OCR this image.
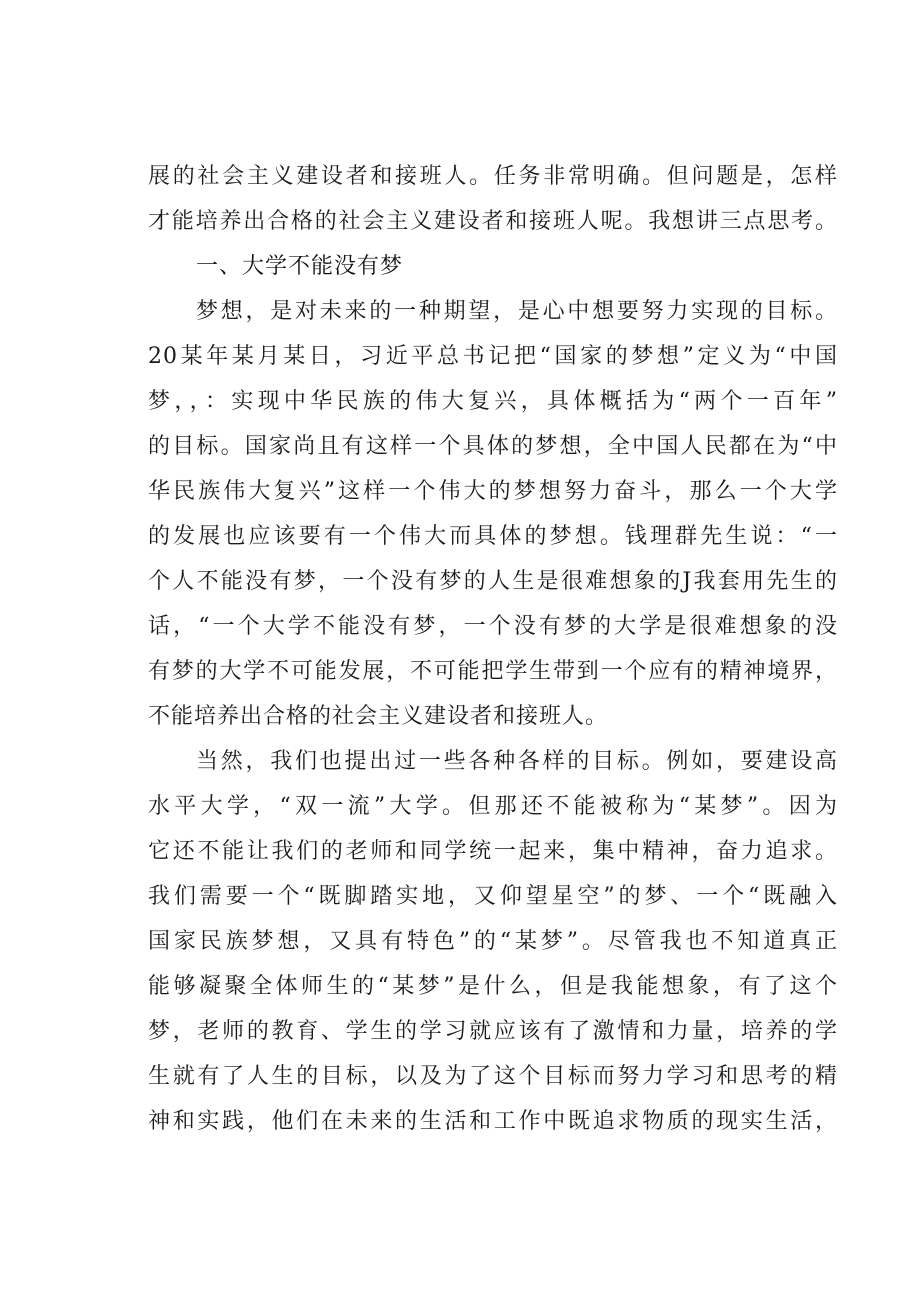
展的社会主义建设者和接班人。任务非常明确。但问题是，怎样
才能培养出合格的社会主义建设者和接班人呢。我想讲三点思考。
一、大学不能没有梦
梦想，是对未来的一种期望，是心中想要努力实现的目标。
20某年某月某日，习近平总书记把“国家的梦想”定义为“中国
梦，，：实现中华民族的伟大复兴，具体概括为“两个一百年”
的目标。国家尚且有这样一个具体的梦想，全中国人民都在为“中
华民族伟大复兴”这样一个伟大的梦想努力奋斗，那么一个大学
的发展也应该要有一个伟大而具体的梦想。钱理群先生说：“一
个人不能没有梦，一个没有梦的人生是很难想象的J我套用先生的
话，“一个大学不能没有梦，一个没有梦的大学是很难想象的没
有梦的大学不可能发展，不可能把学生带到一个应有的精神境界，
不能培养出合格的社会主义建设者和接班人。
当然，我们也提出过一些各种各样的目标。例如，要建设高
水平大学，“双一流”大学。但那还不能被称为“某梦”。因为
它还不能让我们的老师和同学统一起来，集中精神，奋力追求。
我们需要一个“既脚踏实地，又仰望星空”的梦、一个“既融入
国家民族梦想，又具有特色”的“某梦”。尽管我也不知道真正
能够凝聚全体师生的“某梦”是什么，但是我能想象，有了这个
梦，老师的教育、学生的学习就应该有了激情和力量，培养的学
生就有了人生的目标，以及为了这个目标而努力学习和思考的精
神和实践，他们在未来的生活和工作中既追求物质的现实生活，
